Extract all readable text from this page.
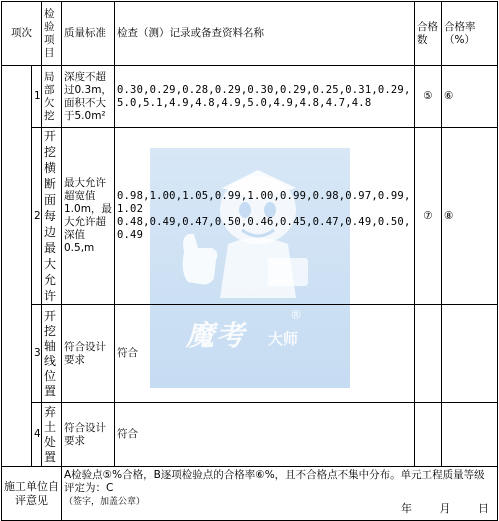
魔考 大师
®
项次		检验项目	质量标准	检查（测）记录或备查资料名称	合格数	合格率（%）
	1	局部欠挖	深度不超过0.3m，面积不大于5.0m²	0.30,0.29,0.28,0.29,0.30,0.29,0.25,0.31,0.29,5.0,5.1,4.9,4.8,4.9,5.0,4.9,4.8,4.7,4.8	⑤	⑥
	2	开挖横断面每边最大允许	最大允许超宽值1.0m，最大允许超深值0.5,m	0.98,1.00,1.05,0.99,1.00,0.99,0.98,0.97,0.99,1.02
0.48,0.49,0.47,0.50,0.46,0.45,0.47,0.49,0.50,0.49	⑦	⑧
	3	开挖轴线位置	符合设计要求	符合		
	4	弃土处置	符合设计要求	符合		
施工单位自评意见			A检验点⑤%合格，B逐项检验点的合格率⑥%，且不合格点不集中分布。单元工程质量等级评定为：C
（签字，加盖公章） 年 月 日			
